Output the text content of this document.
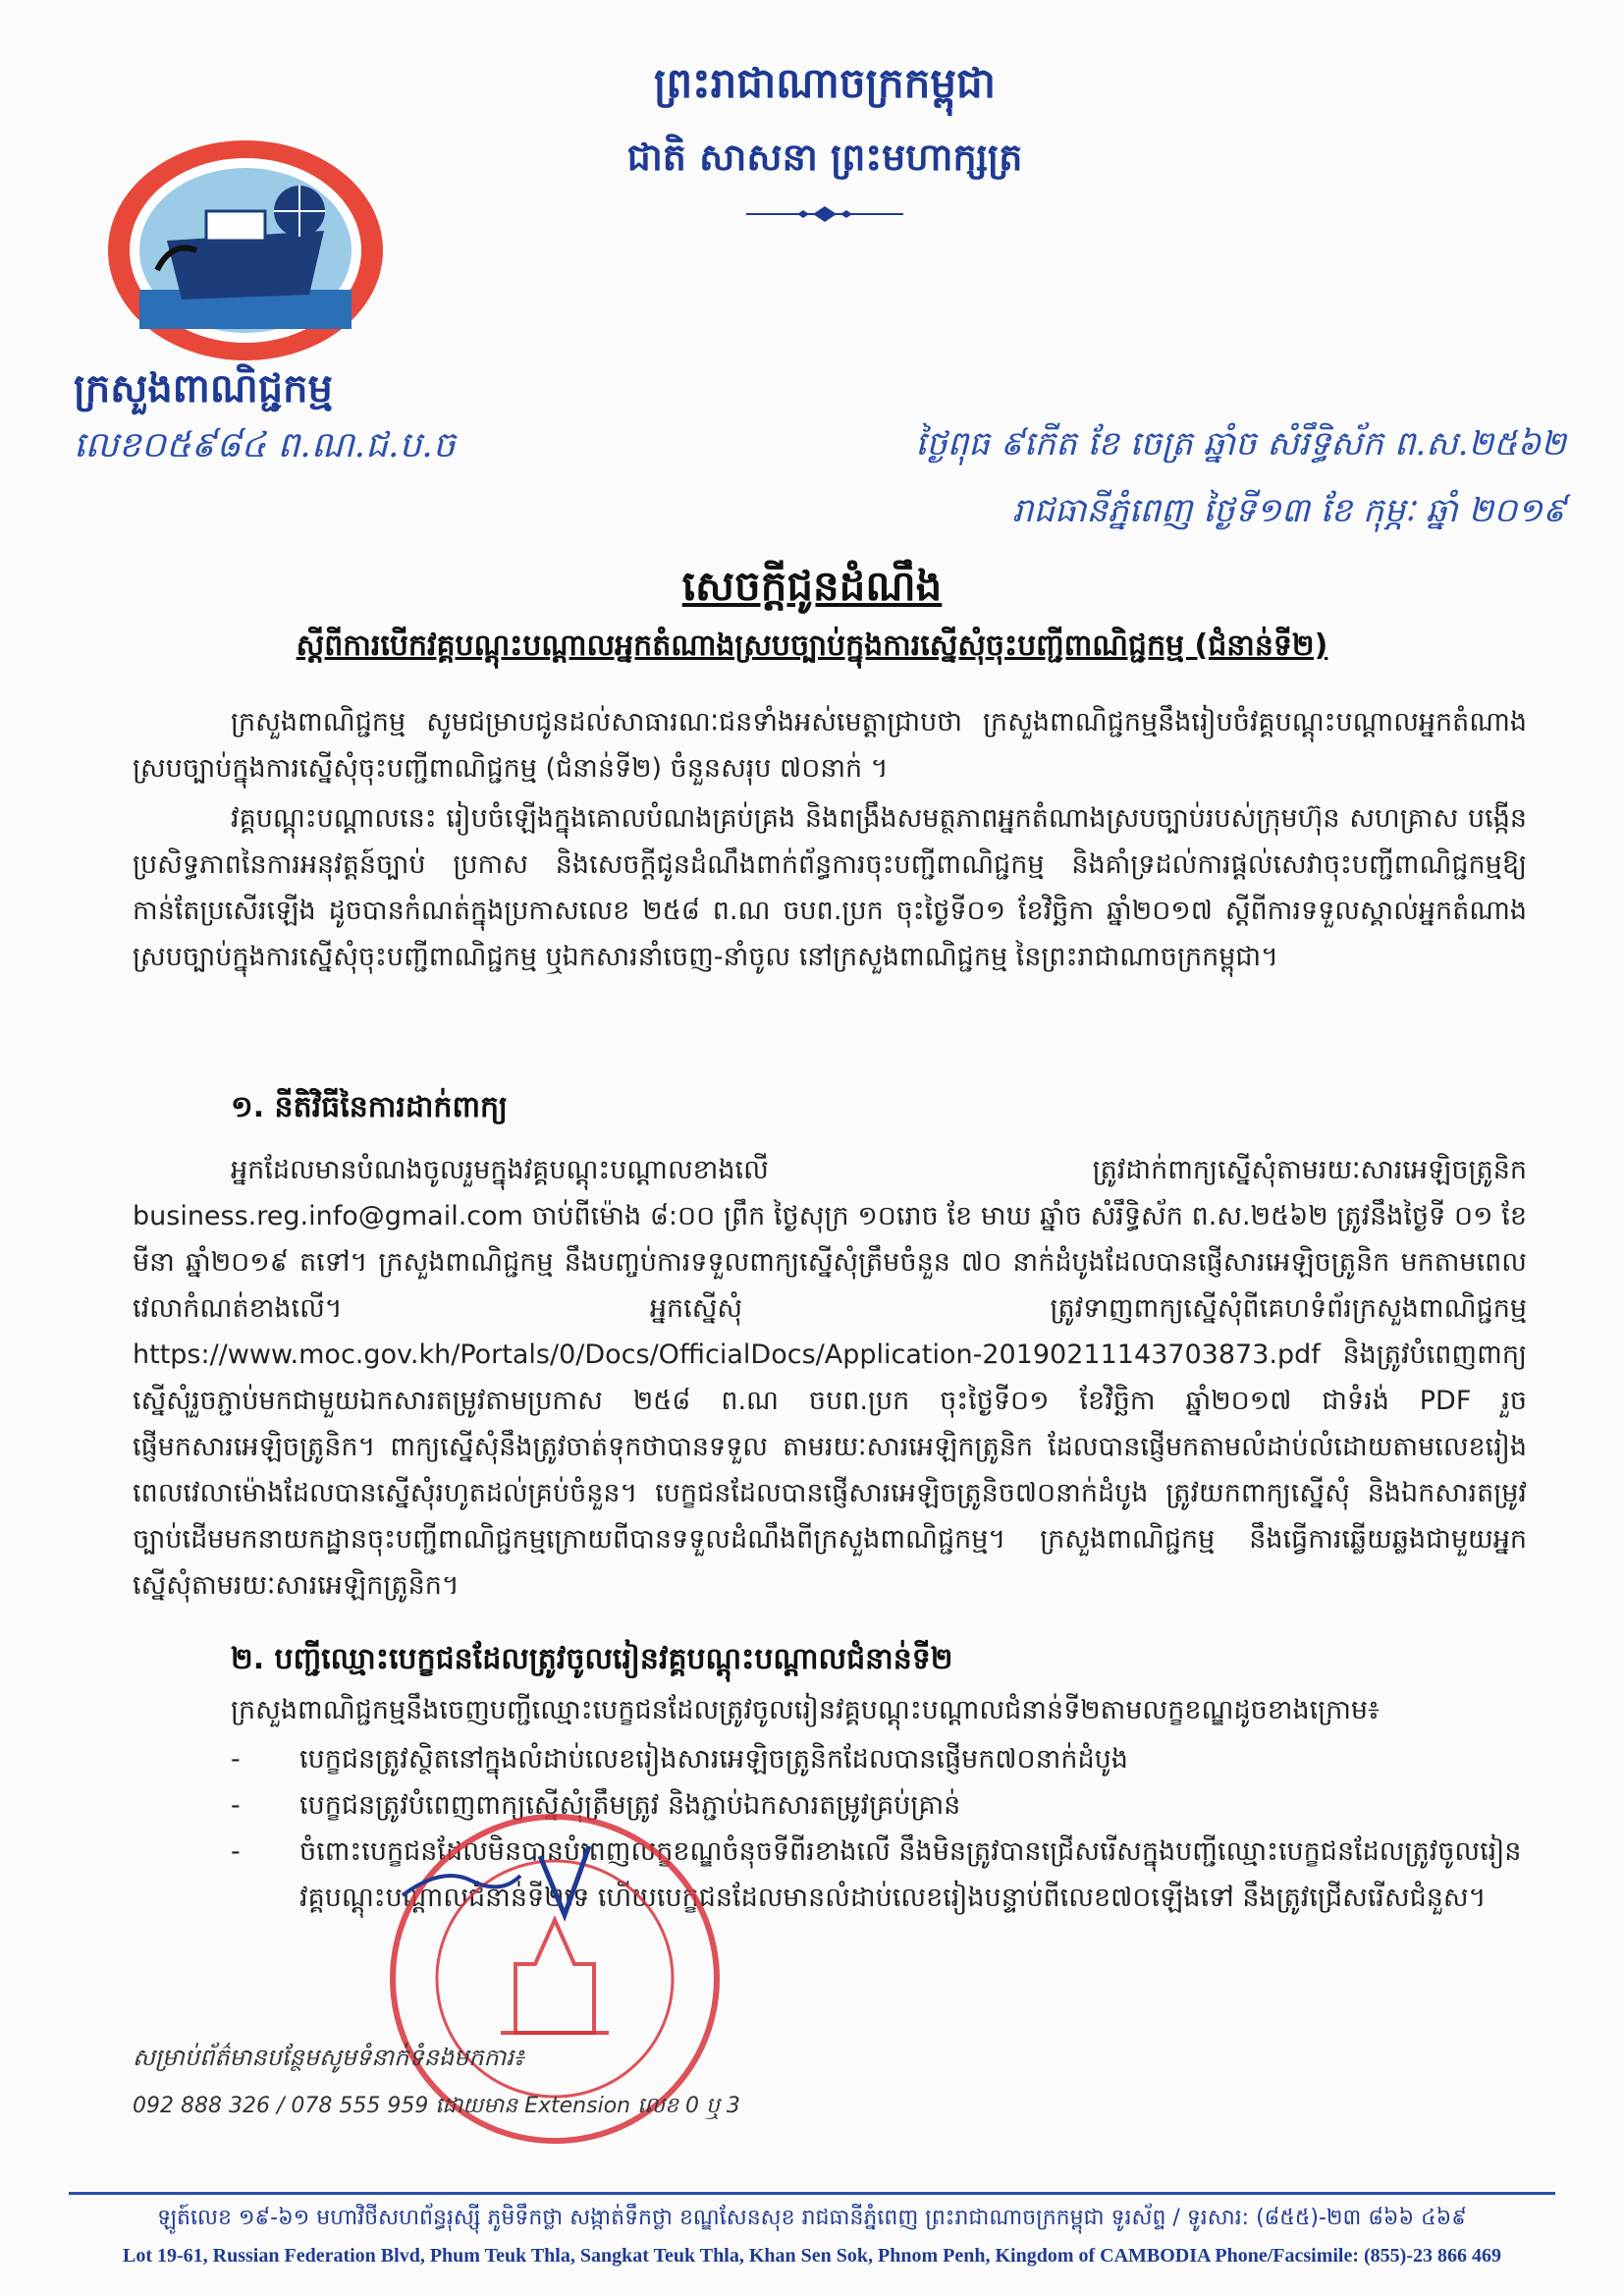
ព្រះរាជាណាចក្រកម្ពុជា
ជាតិ សាសនា ព្រះមហាក្សត្រ
ក្រសួងពាណិជ្ជកម្ម
លេខ០៥៩៨៤ ព.ណ.ជ.ប.ច	ថ្ងៃពុធ ៩កើត ខែ ចេត្រ ឆ្នាំច សំរឹទ្ធិស័ក ព.ស.២៥៦២
រាជធានីភ្នំពេញ ថ្ងៃទី១៣ ខែ កុម្ភៈ ឆ្នាំ ២០១៩
សេចក្តីជូនដំណឹង
ស្តីពីការបើកវគ្គបណ្តុះបណ្តាលអ្នកតំណាងស្របច្បាប់ក្នុងការស្នើសុំចុះបញ្ជីពាណិជ្ជកម្ម (ជំនាន់ទី២)
ក្រសួងពាណិជ្ជកម្ម សូមជម្រាបជូនដល់សាធារណៈជនទាំងអស់មេត្តាជ្រាបថា ក្រសួងពាណិជ្ជកម្មនឹងរៀបចំវគ្គបណ្តុះបណ្តាលអ្នកតំណាងស្របច្បាប់ក្នុងការស្នើសុំចុះបញ្ជីពាណិជ្ជកម្ម (ជំនាន់ទី២) ចំនួនសរុប ៧០នាក់ ។
វគ្គបណ្តុះបណ្តាលនេះ រៀបចំឡើងក្នុងគោលបំណងគ្រប់គ្រង និងពង្រឹងសមត្ថភាពអ្នកតំណាងស្របច្បាប់របស់ក្រុមហ៊ុន សហគ្រាស បង្កើនប្រសិទ្ធភាពនៃការអនុវត្តន៍ច្បាប់ ប្រកាស និងសេចក្តីជូនដំណឹងពាក់ព័ន្ធការចុះបញ្ជីពាណិជ្ជកម្ម និងគាំទ្រដល់ការផ្តល់សេវាចុះបញ្ជីពាណិជ្ជកម្មឱ្យកាន់តែប្រសើរឡើង ដូចបានកំណត់ក្នុងប្រកាសលេខ ២៥៨ ព.ណ ចបព.ប្រក ចុះថ្ងៃទី០១ ខែវិច្ឆិកា ឆ្នាំ២០១៧ ស្តីពីការទទួលស្គាល់អ្នកតំណាងស្របច្បាប់ក្នុងការស្នើសុំចុះបញ្ជីពាណិជ្ជកម្ម ឬឯកសារនាំចេញ-នាំចូល នៅក្រសួងពាណិជ្ជកម្ម នៃព្រះរាជាណាចក្រកម្ពុជា។
១. នីតិវិធីនៃការដាក់ពាក្យ
អ្នកដែលមានបំណងចូលរួមក្នុងវគ្គបណ្តុះបណ្តាលខាងលើ ត្រូវដាក់ពាក្យស្នើសុំតាមរយៈសារអេឡិចត្រូនិក business.reg.info@gmail.com ចាប់ពីម៉ោង ៨:០០ ព្រឹក ថ្ងៃសុក្រ ១០រោច ខែ មាឃ ឆ្នាំច សំរឹទ្ធិស័ក ព.ស.២៥៦២ ត្រូវនឹងថ្ងៃទី ០១ ខែមីនា ឆ្នាំ២០១៩ តទៅ។ ក្រសួងពាណិជ្ជកម្ម នឹងបញ្ចប់ការទទួលពាក្យស្នើសុំត្រឹមចំនួន ៧០ នាក់ដំបូងដែលបានផ្ញើសារអេឡិចត្រូនិក មកតាមពេលវេលាកំណត់ខាងលើ។ អ្នកស្នើសុំ ត្រូវទាញពាក្យស្នើសុំពីគេហទំព័រក្រសួងពាណិជ្ជកម្ម https://www.moc.gov.kh/Portals/0/Docs/OfficialDocs/Application-20190211143703873.pdf និងត្រូវបំពេញពាក្យស្នើសុំរួចភ្ជាប់មកជាមួយឯកសារតម្រូវតាមប្រកាស ២៥៨ ព.ណ ចបព.ប្រក ចុះថ្ងៃទី០១ ខែវិច្ឆិកា ឆ្នាំ២០១៧ ជាទំរង់ PDF រួចផ្ញើមកសារអេឡិចត្រូនិក។ ពាក្យស្នើសុំនឹងត្រូវចាត់ទុកថាបានទទួល តាមរយៈសារអេឡិកត្រូនិក ដែលបានផ្ញើមកតាមលំដាប់លំដោយតាមលេខរៀងពេលវេលាម៉ោងដែលបានស្នើសុំរហូតដល់គ្រប់ចំនួន។ បេក្ខជនដែលបានផ្ញើសារអេឡិចត្រូនិច៧០នាក់ដំបូង ត្រូវយកពាក្យស្នើសុំ និងឯកសារតម្រូវច្បាប់ដើមមកនាយកដ្ឋានចុះបញ្ជីពាណិជ្ជកម្មក្រោយពីបានទទួលដំណឹងពីក្រសួងពាណិជ្ជកម្ម។ ក្រសួងពាណិជ្ជកម្ម នឹងធ្វើការឆ្លើយឆ្លងជាមួយអ្នកស្នើសុំតាមរយៈសារអេឡិកត្រូនិក។
២. បញ្ជីឈ្មោះបេក្ខជនដែលត្រូវចូលរៀនវគ្គបណ្តុះបណ្តាលជំនាន់ទី២
ក្រសួងពាណិជ្ជកម្មនឹងចេញបញ្ជីឈ្មោះបេក្ខជនដែលត្រូវចូលរៀនវគ្គបណ្តុះបណ្តាលជំនាន់ទី២តាមលក្ខខណ្ឌដូចខាងក្រោម៖
- បេក្ខជនត្រូវស្ថិតនៅក្នុងលំដាប់លេខរៀងសារអេឡិចត្រូនិកដែលបានផ្ញើមក៧០នាក់ដំបូង
- បេក្ខជនត្រូវបំពេញពាក្យស្នើសុំត្រឹមត្រូវ និងភ្ជាប់ឯកសារតម្រូវគ្រប់គ្រាន់
- ចំពោះបេក្ខជនដែលមិនបានបំពេញលក្ខខណ្ឌចំនុចទីពីរខាងលើ នឹងមិនត្រូវបានជ្រើសរើសក្នុងបញ្ជីឈ្មោះបេក្ខជនដែលត្រូវចូលរៀនវគ្គបណ្តុះបណ្តាលជំនាន់ទី២ទេ ហើយបេក្ខជនដែលមានលំដាប់លេខរៀងបន្ទាប់ពីលេខ៧០ឡើងទៅ នឹងត្រូវជ្រើសរើសជំនួស។
សម្រាប់ព័ត៌មានបន្ថែមសូមទំនាក់ទំនងមកការ៖
092 888 326 / 078 555 959 ដោយមាន Extension លេខ 0 ឬ 3
ឡូត៍លេខ ១៩-៦១ មហាវិថីសហព័ន្ធរុស្ស៊ី ភូមិទឹកថ្លា សង្កាត់ទឹកថ្លា ខណ្ឌសែនសុខ រាជធានីភ្នំពេញ ព្រះរាជាណាចក្រកម្ពុជា ទូរស័ព្ទ / ទូរសារ: (៨៥៥)-២៣ ៨៦៦ ៤៦៩
Lot 19-61, Russian Federation Blvd, Phum Teuk Thla, Sangkat Teuk Thla, Khan Sen Sok, Phnom Penh, Kingdom of CAMBODIA Phone/Facsimile: (855)-23 866 469
